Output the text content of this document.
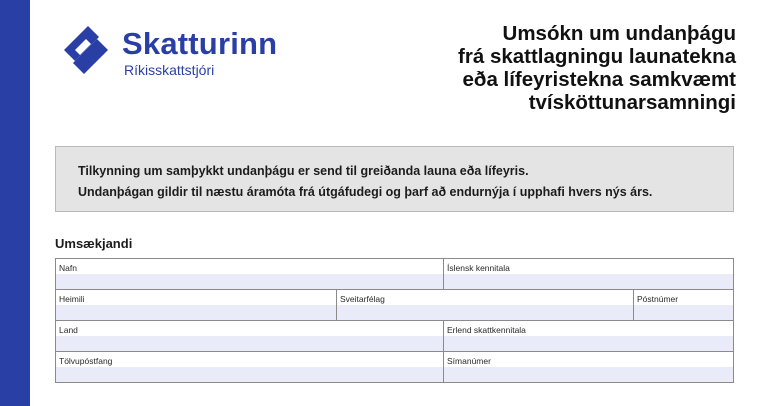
Skatturinn
Ríkisskattstjóri
Umsókn um undanþágu
frá skattlagningu launatekna
eða lífeyristekna samkvæmt
tvísköttunarsamningi
Tilkynning um samþykkt undanþágu er send til greiðanda launa eða lífeyris.
Undanþágan gildir til næstu áramóta frá útgáfudegi og þarf að endurnýja í upphafi hvers nýs árs.
Umsækjandi
Nafn	Íslensk kennitala
Heimili	Sveitarfélag	Póstnúmer
Land	Erlend skattkennitala
Tölvupóstfang	Símanúmer
